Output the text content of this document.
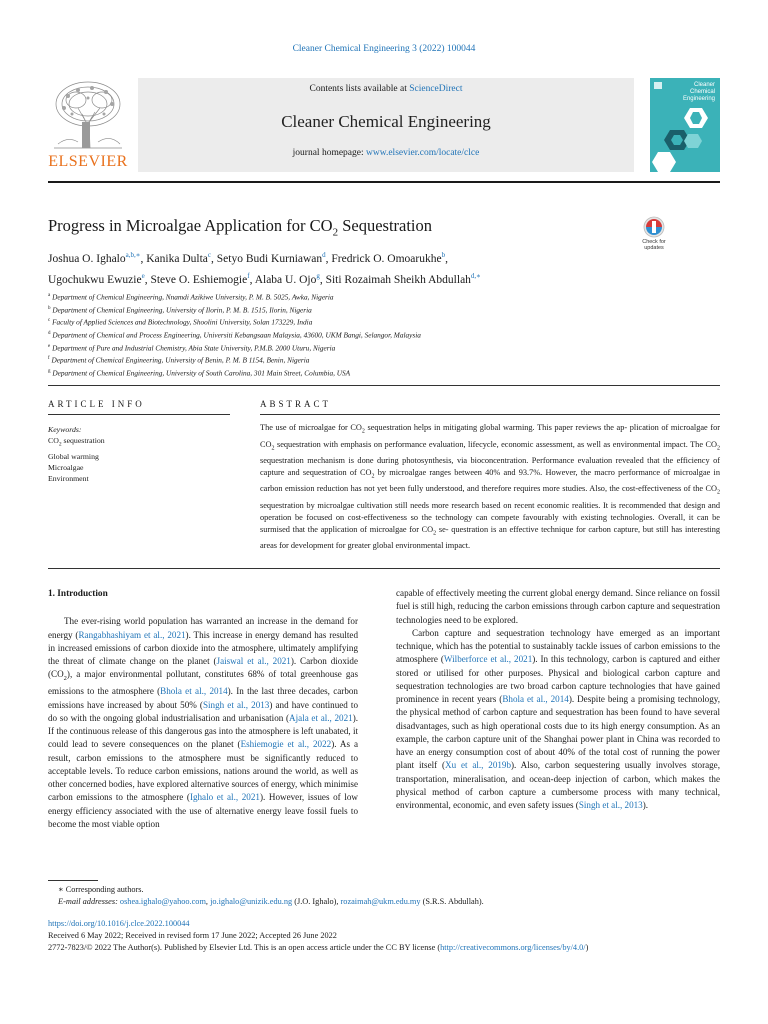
Cleaner Chemical Engineering 3 (2022) 100044
ELSEVIER
Contents lists available at ScienceDirect
Cleaner Chemical Engineering
journal homepage: www.elsevier.com/locate/clce
Cleaner
Chemical
Engineering
Progress in Microalgae Application for $CO_2$ Sequestration
Check for
updates
Joshua O. Ighalo$^{a,b,∗}$, Kanika Dulta$^c$, Setyo Budi Kurniawan$^d$, Fredrick O. Omoarukhe$^b$,
Ugochukwu Ewuzie$^e$, Steve O. Eshiemogie$^f$, Alaba U. Ojo$^g$, Siti Rozaimah Sheikh Abdullah$^{d,∗}$
$^a$ Department of Chemical Engineering, Nnamdi Azikiwe University, P. M. B. 5025, Awka, Nigeria
$^b$ Department of Chemical Engineering, University of Ilorin, P. M. B. 1515, Ilorin, Nigeria
$^c$ Faculty of Applied Sciences and Biotechnology, Shoolini University, Solan 173229, India
$^d$ Department of Chemical and Process Engineering, Universiti Kebangsaan Malaysia, 43600, UKM Bangi, Selangor, Malaysia
$^e$ Department of Pure and Industrial Chemistry, Abia State University, P.M.B. 2000 Uturu, Nigeria
$^f$ Department of Chemical Engineering, University of Benin, P. M. B 1154, Benin, Nigeria
$^g$ Department of Chemical Engineering, University of South Carolina, 301 Main Street, Columbia, USA
ARTICLE INFO	ABSTRACT
Keywords:
$CO_2$ sequestration
Global warming
Microalgae
Environment
The use of microalgae for $CO_2$ sequestration helps in mitigating global warming. This paper reviews the ap- plication of microalgae for $CO_2$ sequestration with emphasis on performance evaluation, lifecycle, economic assessment, as well as environmental impact. The $CO_2$ sequestration mechanism is done during photosynthesis, via bioconcentration. Performance evaluation revealed that the efficiency of capture and sequestration of $CO_2$ by microalgae ranges between 40% and 93.7%. However, the macro performance of microalgae in carbon emission reduction has not yet been fully understood, and therefore requires more studies. Also, the cost-effectiveness of the $CO_2$ sequestration by microalgae cultivation still needs more research based on recent economic realities. It is recommended that design and operation be focused on cost-effectiveness so the technology can compete favourably with existing technologies. Overall, it can be surmised that the application of microalgae for $CO_2$ se- questration is an effective technique for carbon capture, but still has interesting areas for development for greater global environmental impact.
1. Introduction

The ever-rising world population has warranted an increase in the demand for energy (Rangabhashiyam et al., 2021). This increase in energy demand has resulted in increased emissions of carbon dioxide into the atmosphere, ultimately amplifying the threat of climate change on the planet (Jaiswal et al., 2021). Carbon dioxide $(CO_2)$, a major environmental pollutant, constitutes 68% of total greenhouse gas emissions to the atmosphere (Bhola et al., 2014). In the last three decades, carbon emissions have increased by about 50% (Singh et al., 2013) and have continued to do so with the ongoing global industrialisation and urbanisation (Ajala et al., 2021). If the continuous release of this dangerous gas into the atmosphere is left unabated, it could lead to severe consequences on the planet (Eshiemogie et al., 2022). As a result, carbon emissions to the atmosphere must be significantly reduced to acceptable levels. To reduce carbon emissions, nations around the world, as well as other concerned bodies, have explored alternative sources of energy, which minimise carbon emissions to the atmosphere (Ighalo et al., 2021). However, issues of low energy efficiency associated with the use of alternative energy leave fossil fuels to become the most viable option

capable of effectively meeting the current global energy demand. Since reliance on fossil fuel is still high, reducing the carbon emissions through carbon capture and sequestration technologies need to be explored.

Carbon capture and sequestration technology have emerged as an important technique, which has the potential to sustainably tackle issues of carbon emissions to the atmosphere (Wilberforce et al., 2021). In this technology, carbon is captured and either stored or utilised for other purposes. Physical and biological carbon capture and sequestration technologies are two broad carbon capture technologies that have gained prominence in recent years (Bhola et al., 2014). Despite being a promising technology, the physical method of carbon capture and sequestration has been found to have several disadvantages, such as high operational costs due to its high energy consumption. As an example, the carbon capture unit of the Shanghai power plant in China was recorded to have an energy consumption cost of about 40% of the total cost of running the power plant itself (Xu et al., 2019b). Also, carbon sequestering usually involves storage, transportation, mineralisation, and ocean-deep injection of carbon, which makes the physical method of carbon capture a cumbersome process with many technical, environmental, economic, and even safety issues (Singh et al., 2013).

∗ Corresponding authors.
E-mail addresses: oshea.ighalo@yahoo.com, jo.ighalo@unizik.edu.ng (J.O. Ighalo), rozaimah@ukm.edu.my (S.R.S. Abdullah).
https://doi.org/10.1016/j.clce.2022.100044
Received 6 May 2022; Received in revised form 17 June 2022; Accepted 26 June 2022
2772-7823/© 2022 The Author(s). Published by Elsevier Ltd. This is an open access article under the CC BY license (http://creativecommons.org/licenses/by/4.0/)
